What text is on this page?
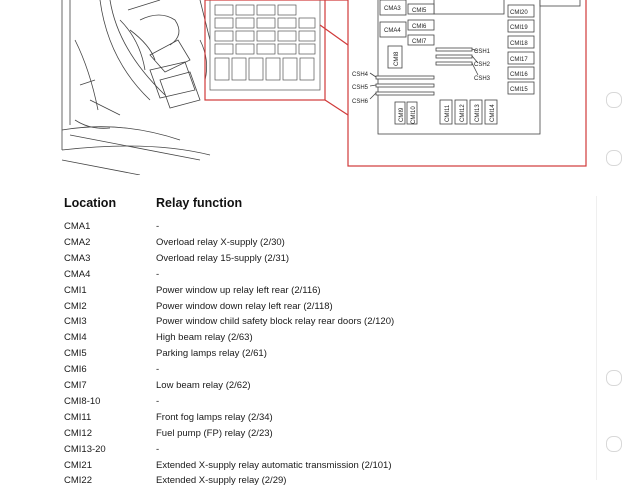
CMA3
CMA4
CMI5
CMI6
CMI7
CMI8
CMI20
CMI19
CMI18
CMI17
CMI16
CMI15
CSH1
CSH2
CSH3
CSH4
CSH5
CSH6
CMI9 CMI10	CMI11 CMI12 CMI13 CMI14
Location	Relay function
CMA1	-
CMA2	Overload relay X-supply (2/30)
CMA3	Overload relay 15-supply (2/31)
CMA4	-
CMI1	Power window up relay left rear (2/116)
CMI2	Power window down relay left rear (2/118)
CMI3	Power window child safety block relay rear doors (2/120)
CMI4	High beam relay (2/63)
CMI5	Parking lamps relay (2/61)
CMI6	-
CMI7	Low beam relay (2/62)
CMI8-10	-
CMI11	Front fog lamps relay (2/34)
CMI12	Fuel pump (FP) relay (2/23)
CMI13-20	-
CMI21	Extended X-supply relay automatic transmission (2/101)
CMI22	Extended X-supply relay (2/29)
